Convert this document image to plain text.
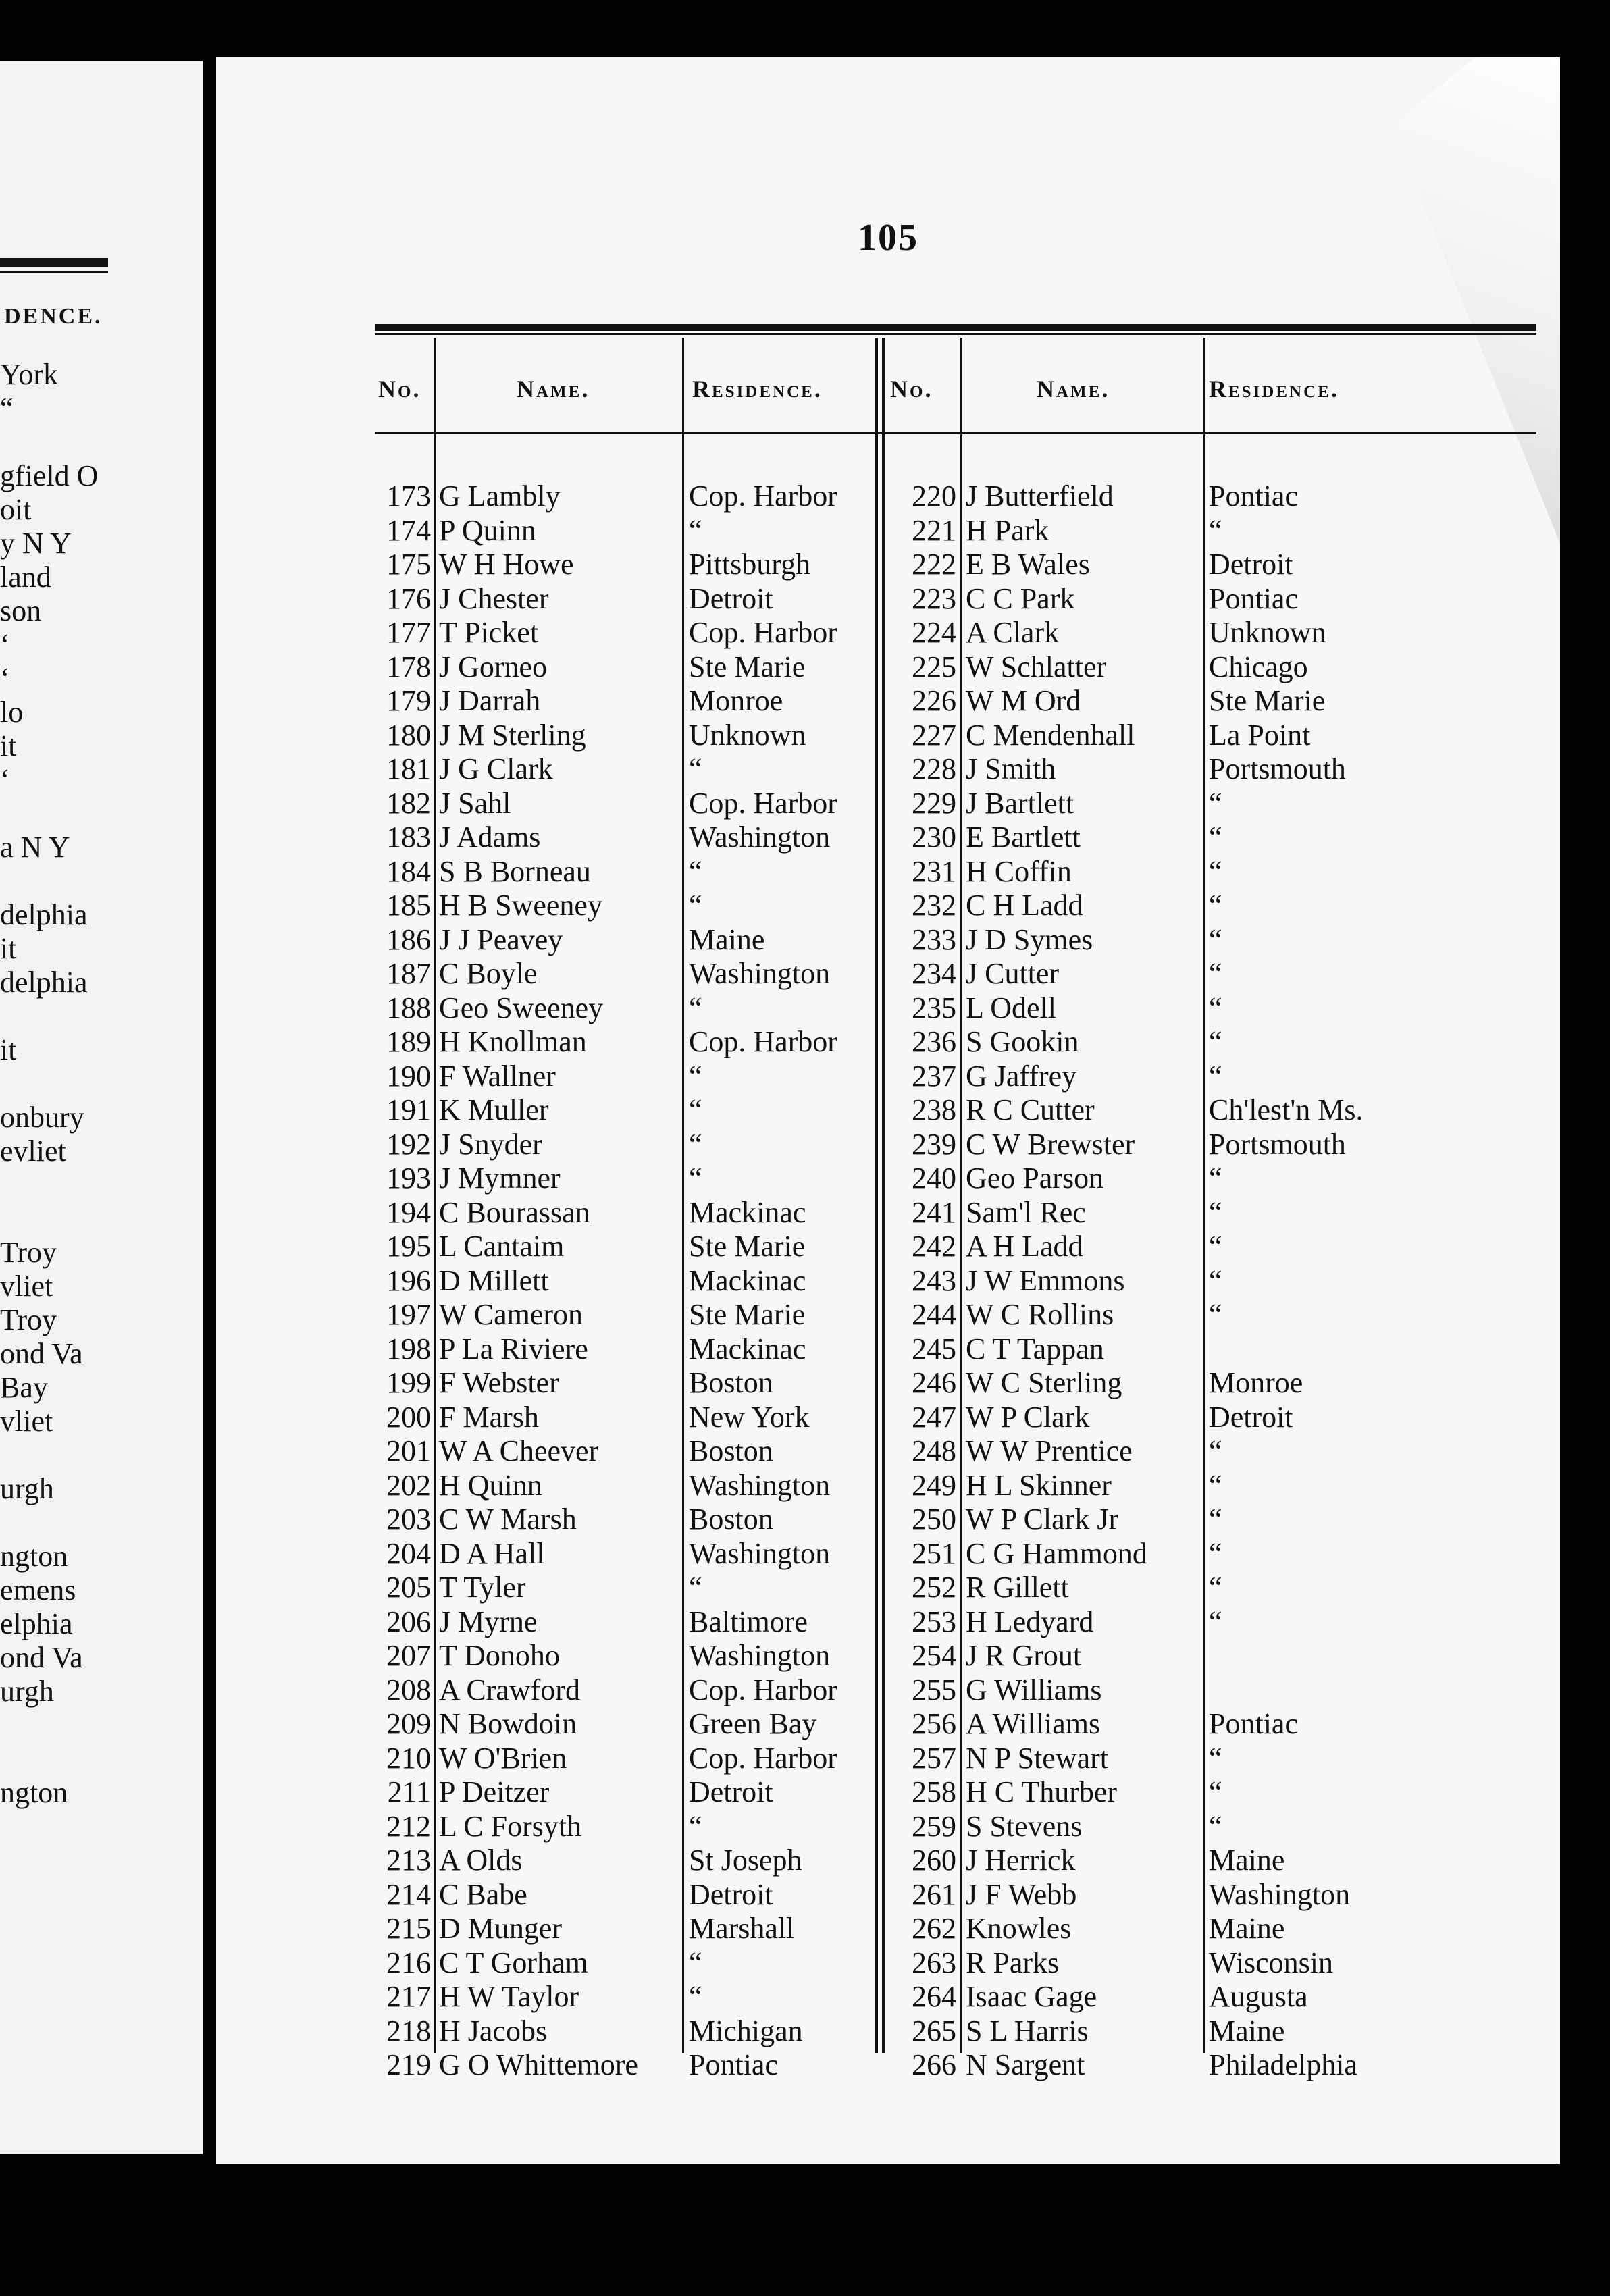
DENCE.
York
“
gfield O
oit
y N Y
land
son
‘
‘
lo
it
‘
a N Y
delphia
it
delphia
it
onbury
evliet
Troy
vliet
Troy
ond Va
Bay
vliet
urgh
ngton
emens
elphia
ond Va
urgh
ngton
105
No.	Name.	Residence.	No.	Name.	Residence.
173 G Lambly	Cop. Harbor
174 P Quinn	“
175 W H Howe	Pittsburgh
176 J Chester	Detroit
177 T Picket	Cop. Harbor
178 J Gorneo	Ste Marie
179 J Darrah	Monroe
180 J M Sterling	Unknown
181 J G Clark	“
182 J Sahl	Cop. Harbor
183 J Adams	Washington
184 S B Borneau	“
185 H B Sweeney	“
186 J J Peavey	Maine
187 C Boyle	Washington
188 Geo Sweeney	“
189 H Knollman	Cop. Harbor
190 F Wallner	“
191 K Muller	“
192 J Snyder	“
193 J Mymner	“
194 C Bourassan	Mackinac
195 L Cantaim	Ste Marie
196 D Millett	Mackinac
197 W Cameron	Ste Marie
198 P La Riviere	Mackinac
199 F Webster	Boston
200 F Marsh	New York
201 W A Cheever	Boston
202 H Quinn	Washington
203 C W Marsh	Boston
204 D A Hall	Washington
205 T Tyler	“
206 J Myrne	Baltimore
207 T Donoho	Washington
208 A Crawford	Cop. Harbor
209 N Bowdoin	Green Bay
210 W O'Brien	Cop. Harbor
211 P Deitzer	Detroit
212 L C Forsyth	“
213 A Olds	St Joseph
214 C Babe	Detroit
215 D Munger	Marshall
216 C T Gorham	“
217 H W Taylor	“
218 H Jacobs	Michigan
219 G O Whittemore Pontiac
220 J Butterfield	Pontiac
221 H Park	“
222 E B Wales	Detroit
223 C C Park	Pontiac
224 A Clark	Unknown
225 W Schlatter	Chicago
226 W M Ord	Ste Marie
227 C Mendenhall La Point
228 J Smith	Portsmouth
229 J Bartlett	“
230 E Bartlett	“
231 H Coffin	“
232 C H Ladd	“
233 J D Symes	“
234 J Cutter	“
235 L Odell	“
236 S Gookin	“
237 G Jaffrey	“
238 R C Cutter	Ch'lest'n Ms.
239 C W Brewster Portsmouth
240 Geo Parson	“
241 Sam'l Rec	“
242 A H Ladd	“
243 J W Emmons	“
244 W C Rollins	“
245 C T Tappan
246 W C Sterling	Monroe
247 W P Clark	Detroit
248 W W Prentice	“
249 H L Skinner	“
250 W P Clark Jr	“
251 C G Hammond “
252 R Gillett	“
253 H Ledyard	“
254 J R Grout
255 G Williams
256 A Williams	Pontiac
257 N P Stewart	“
258 H C Thurber	“
259 S Stevens	“
260 J Herrick	Maine
261 J F Webb	Washington
262 Knowles	Maine
263 R Parks	Wisconsin
264 Isaac Gage	Augusta
265 S L Harris	Maine
266 N Sargent	Philadelphia
